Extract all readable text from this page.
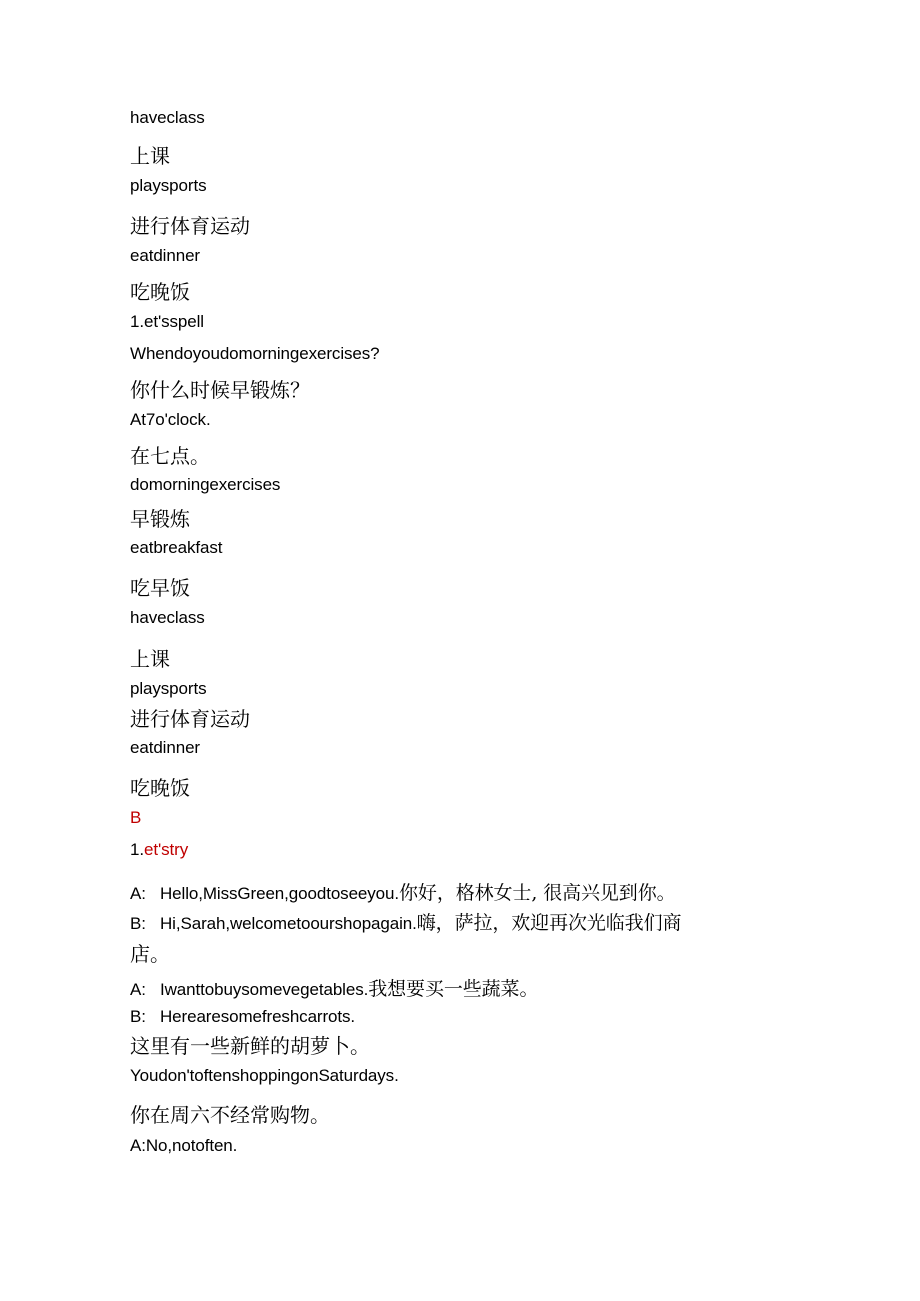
haveclass
上课
playsports
进行体育运动
eatdinner
吃晚饭
1.et'sspell
Whendoyoudomorningexercises?
你什么时候早锻炼？
At7o'clock.
在七点。
domorningexercises
早锻炼
eatbreakfast
吃早饭
haveclass
上课
playsports
进行体育运动
eatdinner
吃晚饭
B
1.et'stry
A: Hello,MissGreen,goodtoseeyou.你好，格林女士, 很高兴见到你。
B: Hi,Sarah,welcometoourshopagain.嗨，萨拉，欢迎再次光临我们商
店。
A: Iwanttobuysomevegetables.我想要买一些蔬菜。
B: Herearesomefreshcarrots.
这里有一些新鲜的胡萝卜。
Youdon'toftenshoppingonSaturdays.
你在周六不经常购物。
A:No,notoften.
